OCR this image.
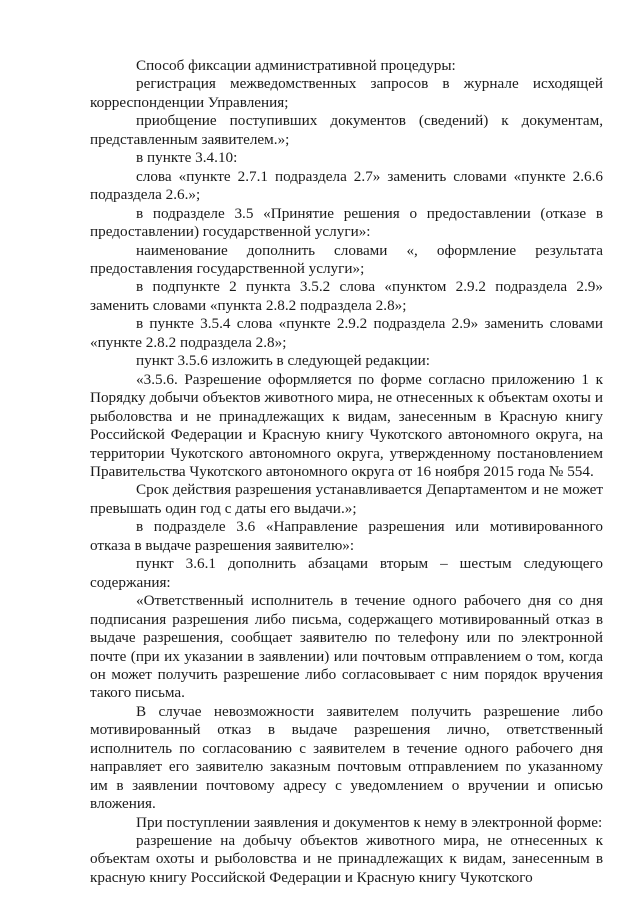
Способ фиксации административной процедуры:

регистрация межведомственных запросов в журнале исходящей корреспонденции Управления;

приобщение поступивших документов (сведений) к документам, представленным заявителем.»;

в пункте 3.4.10:

слова «пункте 2.7.1 подраздела 2.7» заменить словами «пункте 2.6.6 подраздела 2.6.»;

в подразделе 3.5 «Принятие решения о предоставлении (отказе в предоставлении) государственной услуги»:

наименование дополнить словами «, оформление результата предоставления государственной услуги»;

в подпункте 2 пункта 3.5.2 слова «пунктом 2.9.2 подраздела 2.9» заменить словами «пункта 2.8.2 подраздела 2.8»;

в пункте 3.5.4 слова «пункте 2.9.2 подраздела 2.9» заменить словами «пункте 2.8.2 подраздела 2.8»;

пункт 3.5.6 изложить в следующей редакции:

«3.5.6. Разрешение оформляется по форме согласно приложению 1 к Порядку добычи объектов животного мира, не отнесенных к объектам охоты и рыболовства и не принадлежащих к видам, занесенным в Красную книгу Российской Федерации и Красную книгу Чукотского автономного округа, на территории Чукотского автономного округа, утвержденному постановлением Правительства Чукотского автономного округа от 16 ноября 2015 года № 554.

Срок действия разрешения устанавливается Департаментом и не может превышать один год с даты его выдачи.»;

в подразделе 3.6 «Направление разрешения или мотивированного отказа в выдаче разрешения заявителю»:

пункт 3.6.1 дополнить абзацами вторым – шестым следующего содержания:

«Ответственный исполнитель в течение одного рабочего дня со дня подписания разрешения либо письма, содержащего мотивированный отказ в выдаче разрешения, сообщает заявителю по телефону или по электронной почте (при их указании в заявлении) или почтовым отправлением о том, когда он может получить разрешение либо согласовывает с ним порядок вручения такого письма.

В случае невозможности заявителем получить разрешение либо мотивированный отказ в выдаче разрешения лично, ответственный исполнитель по согласованию с заявителем в течение одного рабочего дня направляет его заявителю заказным почтовым отправлением по указанному им в заявлении почтовому адресу с уведомлением о вручении и описью вложения.

При поступлении заявления и документов к нему в электронной форме:

разрешение на добычу объектов животного мира, не отнесенных к объектам охоты и рыболовства и не принадлежащих к видам, занесенным в красную книгу Российской Федерации и Красную книгу Чукотского
